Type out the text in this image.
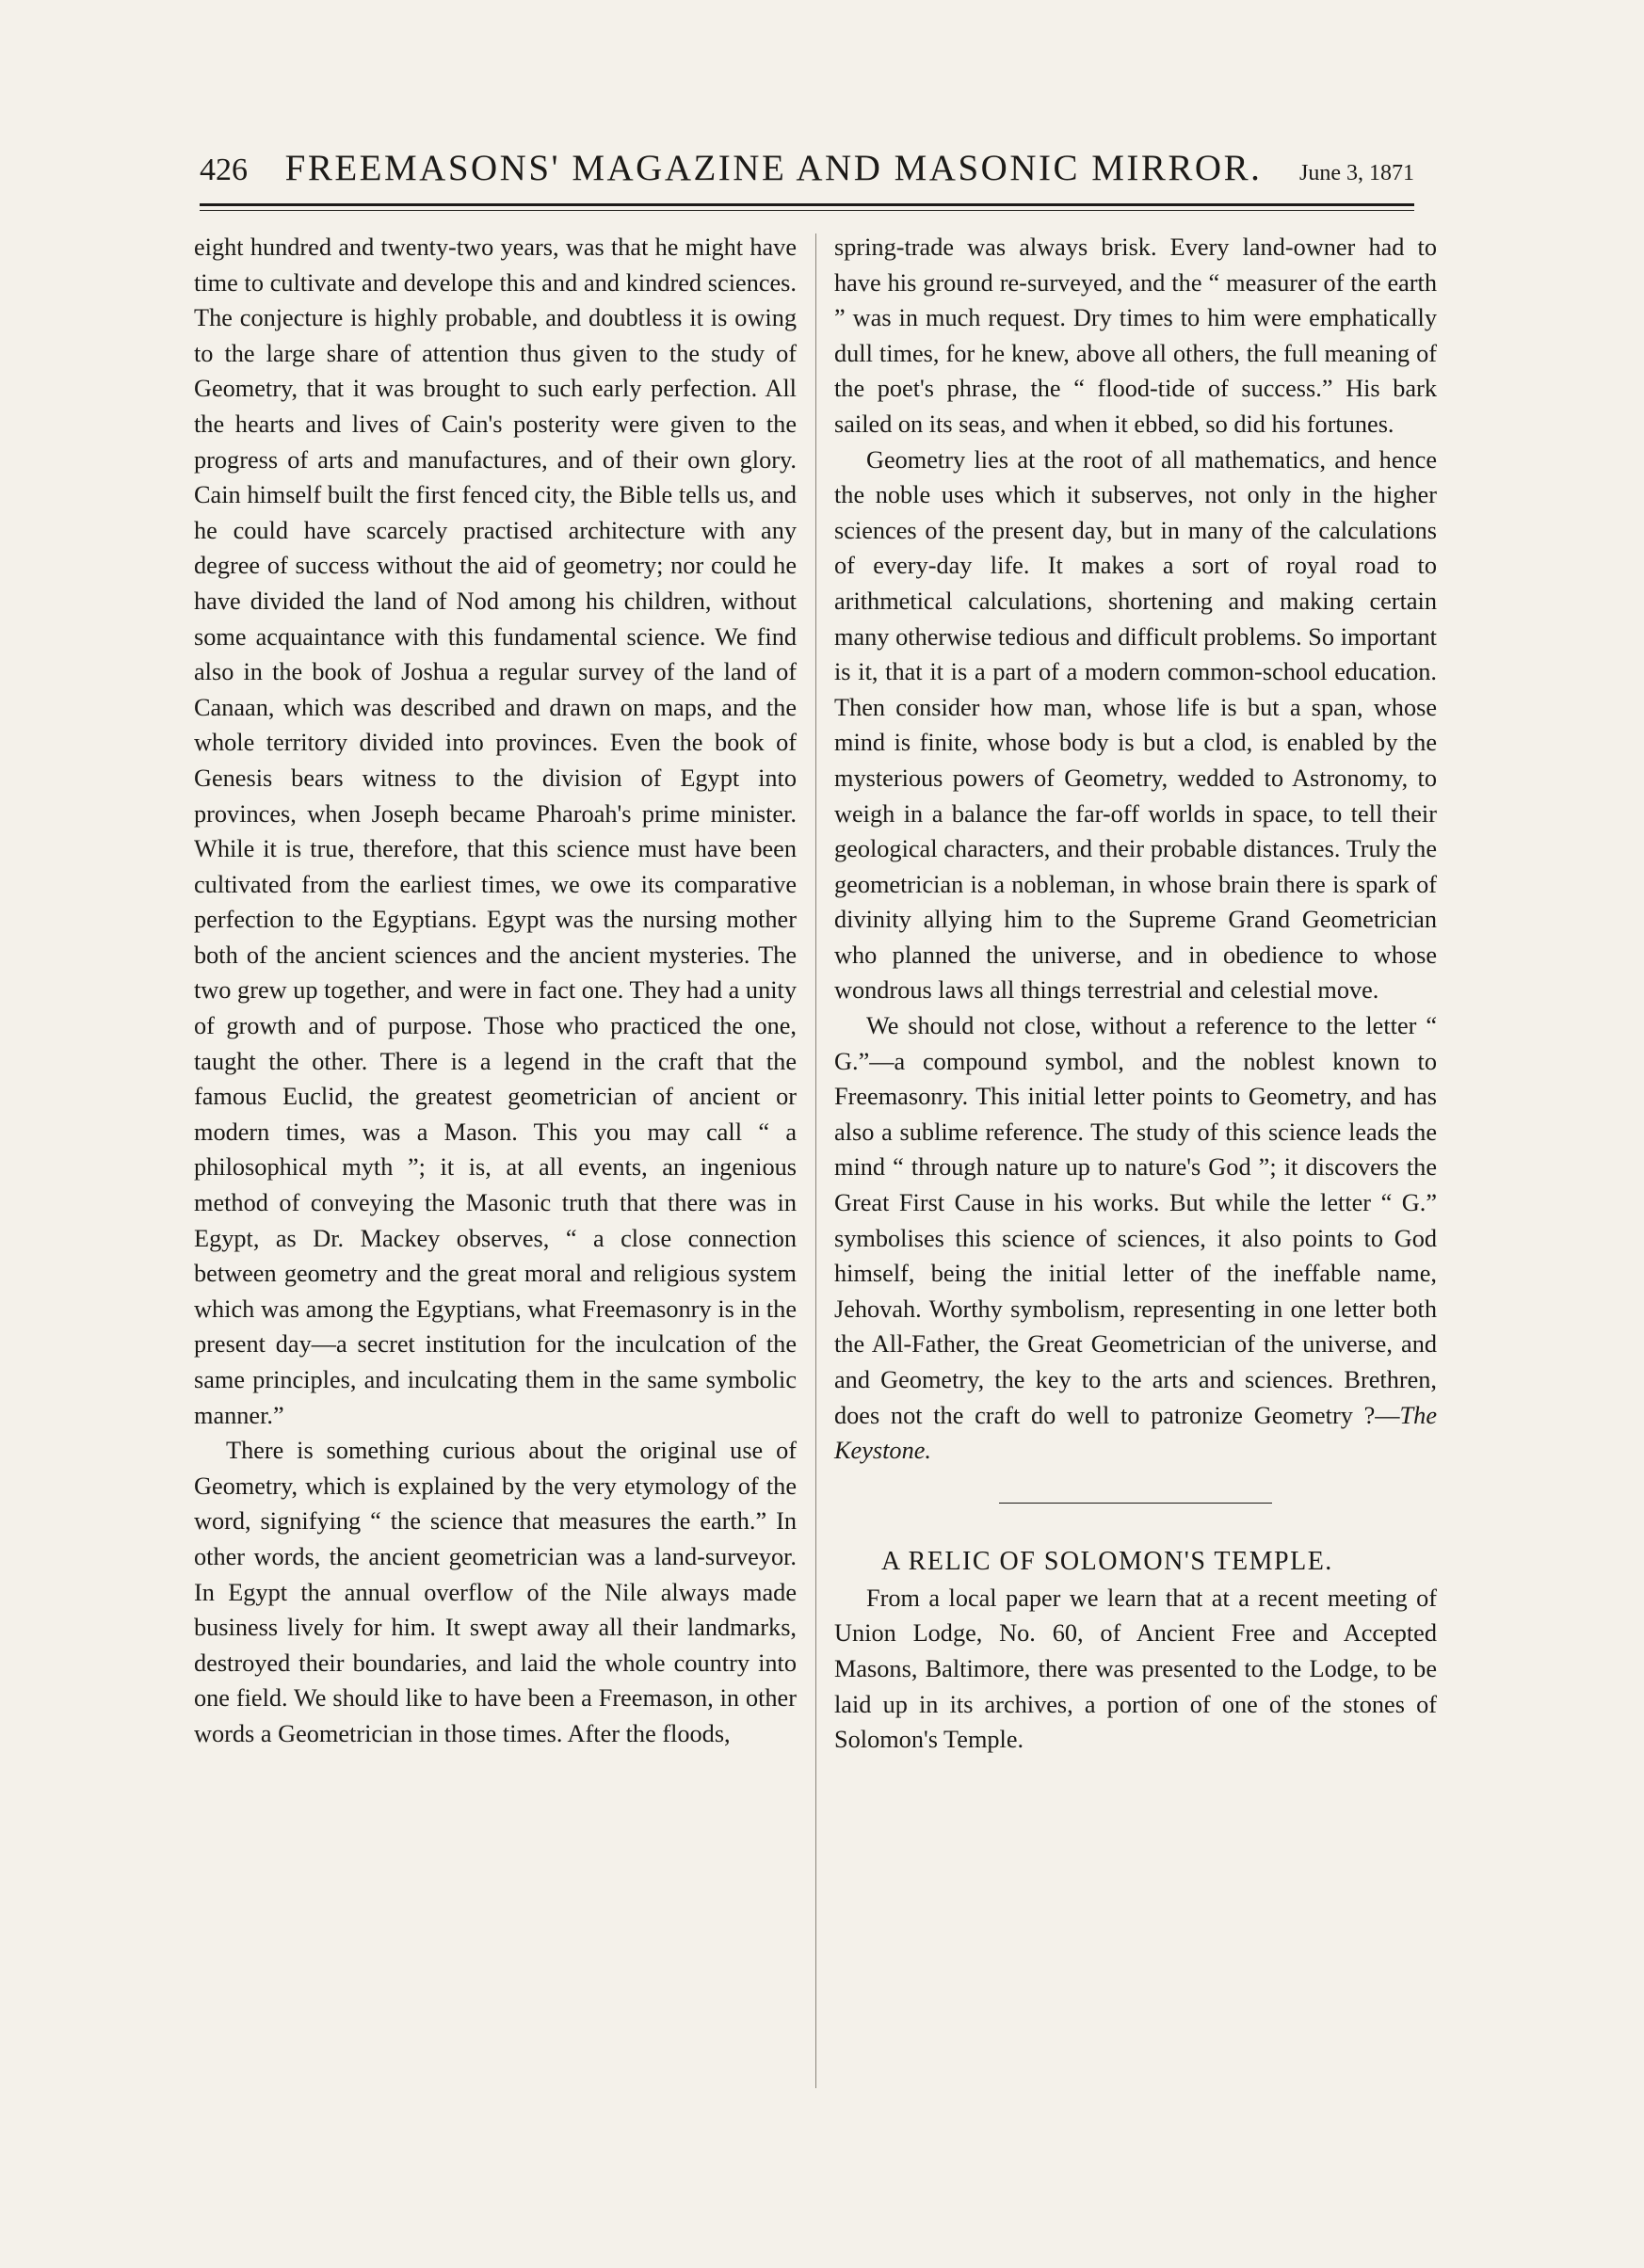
426 FREEMASONS' MAGAZINE AND MASONIC MIRROR. June 3, 1871

eight hundred and twenty-two years, was that he might have time to cultivate and develope this and and kindred sciences. The conjecture is highly probable, and doubtless it is owing to the large share of attention thus given to the study of Geometry, that it was brought to such early perfection. All the hearts and lives of Cain's posterity were given to the progress of arts and manufactures, and of their own glory. Cain himself built the first fenced city, the Bible tells us, and he could have scarcely practised architecture with any degree of success without the aid of geometry; nor could he have divided the land of Nod among his children, without some acquaintance with this fundamental science. We find also in the book of Joshua a regular survey of the land of Canaan, which was described and drawn on maps, and the whole territory divided into provinces. Even the book of Genesis bears witness to the division of Egypt into provinces, when Joseph became Pharoah's prime minister. While it is true, therefore, that this science must have been cultivated from the earliest times, we owe its comparative perfection to the Egyptians. Egypt was the nursing mother both of the ancient sciences and the ancient mysteries. The two grew up together, and were in fact one. They had a unity of growth and of purpose. Those who practiced the one, taught the other. There is a legend in the craft that the famous Euclid, the greatest geometrician of ancient or modern times, was a Mason. This you may call “ a philosophical myth ”; it is, at all events, an ingenious method of conveying the Masonic truth that there was in Egypt, as Dr. Mackey observes, “ a close connection between geometry and the great moral and religious system which was among the Egyptians, what Freemasonry is in the present day—a secret institution for the inculcation of the same principles, and inculcating them in the same symbolic manner.”

There is something curious about the original use of Geometry, which is explained by the very etymology of the word, signifying “ the science that measures the earth.” In other words, the ancient geometrician was a land-surveyor. In Egypt the annual overflow of the Nile always made business lively for him. It swept away all their landmarks, destroyed their boundaries, and laid the whole country into one field. We should like to have been a Freemason, in other words a Geometrician in those times. After the floods,

spring-trade was always brisk. Every land-owner had to have his ground re-surveyed, and the “ measurer of the earth ” was in much request. Dry times to him were emphatically dull times, for he knew, above all others, the full meaning of the poet's phrase, the “ flood-tide of success.” His bark sailed on its seas, and when it ebbed, so did his fortunes.

Geometry lies at the root of all mathematics, and hence the noble uses which it subserves, not only in the higher sciences of the present day, but in many of the calculations of every-day life. It makes a sort of royal road to arithmetical calculations, shortening and making certain many otherwise tedious and difficult problems. So important is it, that it is a part of a modern common-school education. Then consider how man, whose life is but a span, whose mind is finite, whose body is but a clod, is enabled by the mysterious powers of Geometry, wedded to Astronomy, to weigh in a balance the far-off worlds in space, to tell their geological characters, and their probable distances. Truly the geometrician is a nobleman, in whose brain there is spark of divinity allying him to the Supreme Grand Geometrician who planned the universe, and in obedience to whose wondrous laws all things terrestrial and celestial move.

We should not close, without a reference to the letter “ G.”—a compound symbol, and the noblest known to Freemasonry. This initial letter points to Geometry, and has also a sublime reference. The study of this science leads the mind “ through nature up to nature's God ”; it discovers the Great First Cause in his works. But while the letter “ G.” symbolises this science of sciences, it also points to God himself, being the initial letter of the ineffable name, Jehovah. Worthy symbolism, representing in one letter both the All-Father, the Great Geometrician of the universe, and and Geometry, the key to the arts and sciences. Brethren, does not the craft do well to patronize Geometry ?—The Keystone.

A RELIC OF SOLOMON'S TEMPLE.

From a local paper we learn that at a recent meeting of Union Lodge, No. 60, of Ancient Free and Accepted Masons, Baltimore, there was presented to the Lodge, to be laid up in its archives, a portion of one of the stones of Solomon's Temple.
